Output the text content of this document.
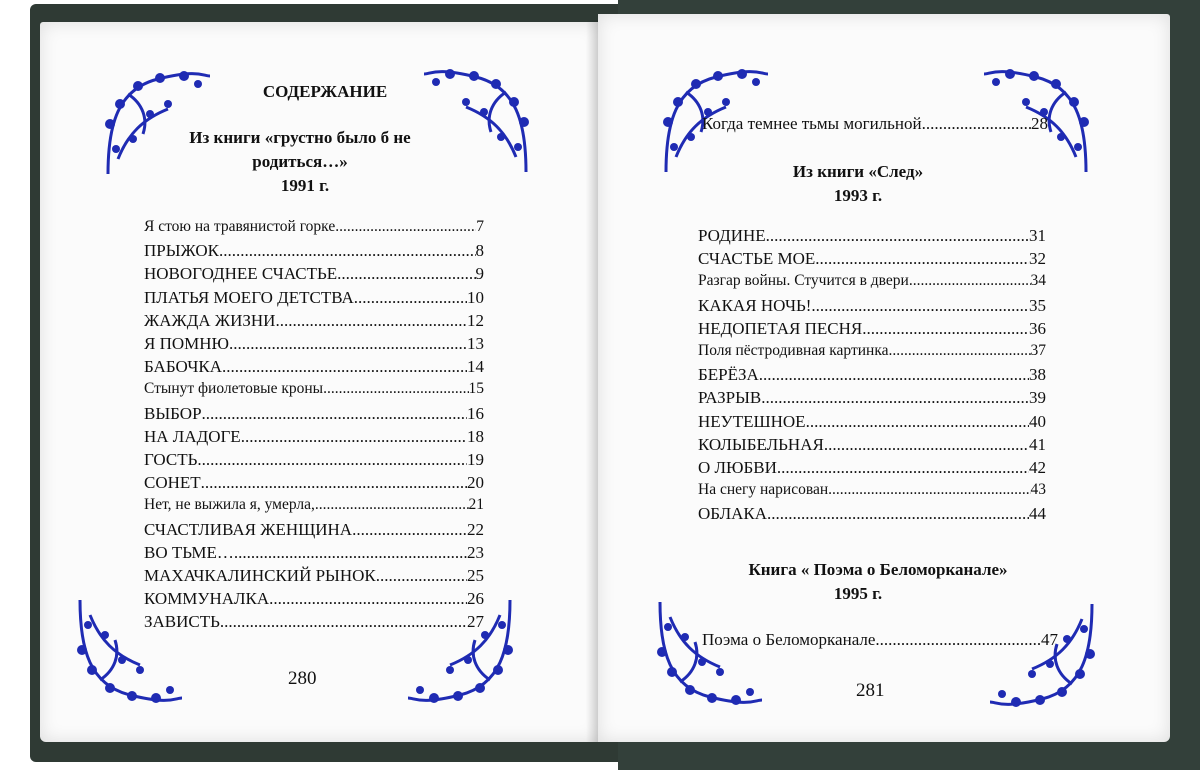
СОДЕРЖАНИЕ
Из книги «грустно было б не родиться…»
1991 г.
Я стою на травянистой горке .....	7
ПРЫЖОК .....	8
НОВОГОДНЕЕ СЧАСТЬЕ .....	9
ПЛАТЬЯ МОЕГО ДЕТСТВА .....	10
ЖАЖДА ЖИЗНИ .....	12
Я ПОМНЮ .....	13
БАБОЧКА .....	14
Стынут фиолетовые кроны .....	15
ВЫБОР .....	16
НА ЛАДОГЕ .....	18
ГОСТЬ .....	19
СОНЕТ .....	20
Нет, не выжила я, умерла, .....	21
СЧАСТЛИВАЯ ЖЕНЩИНА .....	22
ВО ТЬМЕ… .....	23
МАХАЧКАЛИНСКИЙ РЫНОК .....	25
КОММУНАЛКА .....	26
ЗАВИСТЬ .....	27
280
Когда темнее тьмы могильной .....	28
Из книги «След»
1993 г.
РОДИНЕ .....	31
СЧАСТЬЕ МОЕ .....	32
Разгар войны. Стучится в двери .....	34
КАКАЯ НОЧЬ! .....	35
НЕДОПЕТАЯ ПЕСНЯ .....	36
Поля пёстродивная картинка .....	37
БЕРЁЗА .....	38
РАЗРЫВ .....	39
НЕУТЕШНОЕ .....	40
КОЛЫБЕЛЬНАЯ .....	41
О ЛЮБВИ .....	42
На снегу нарисован .....	43
ОБЛАКА .....	44
Книга « Поэма о Беломорканале»
1995 г.
Поэма о Беломорканале .....	47
281
